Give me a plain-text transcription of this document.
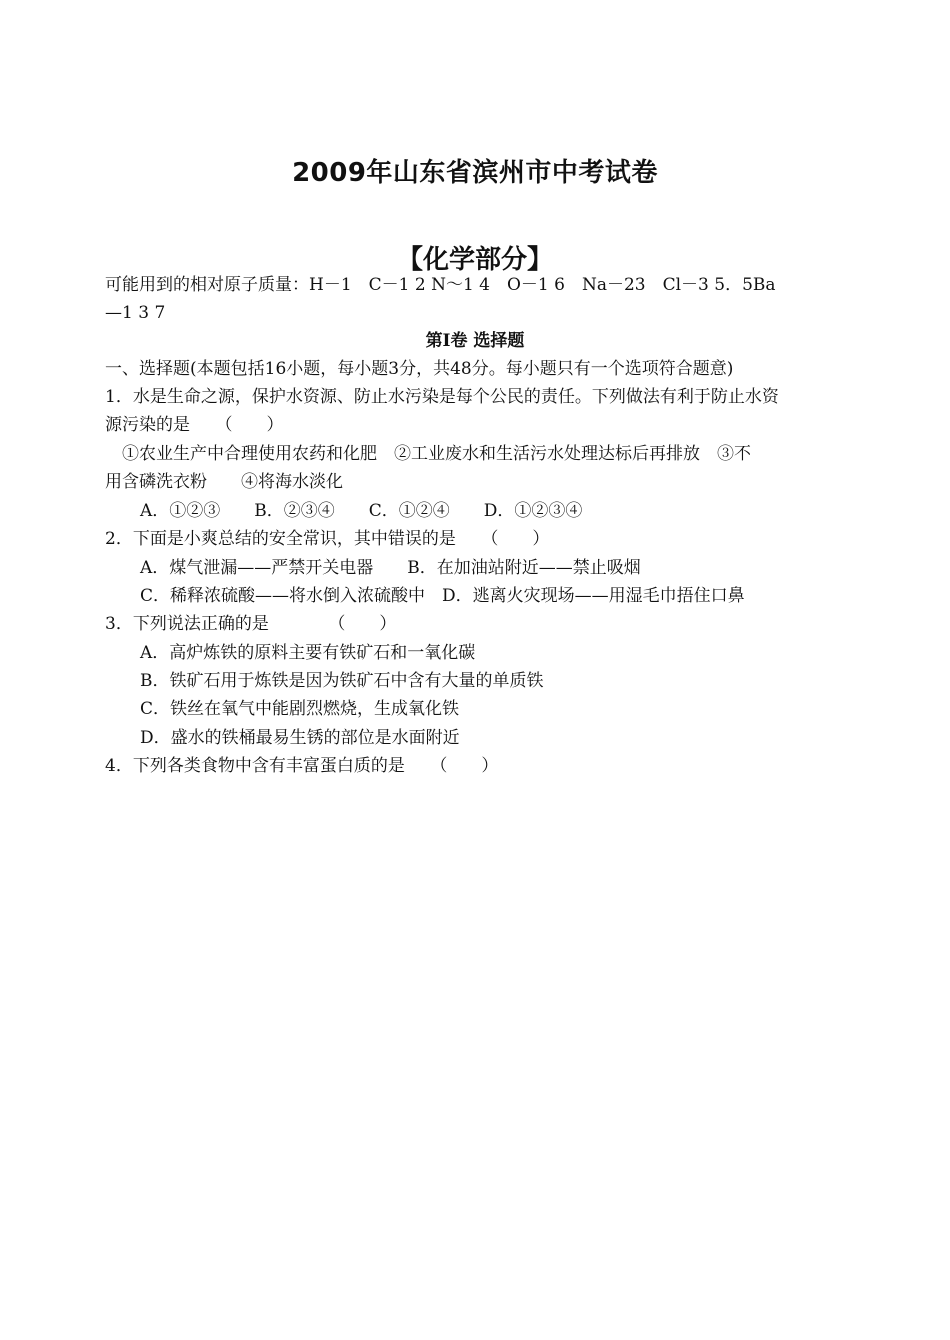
2009年山东省滨州市中考试卷
【化学部分】
可能用到的相对原子质量：H－1　C－1 2 N～1 4　O－1 6　Na－23　Cl－3 5．5Ba
—1 3 7
第Ⅰ卷 选择题
一、选择题(本题包括16小题，每小题3分，共48分。每小题只有一个选项符合题意)
1．水是生命之源，保护水资源、防止水污染是每个公民的责任。下列做法有利于防止水资
源污染的是　　（　　）
①农业生产中合理使用农药和化肥　②工业废水和生活污水处理达标后再排放　③不
用含磷洗衣粉　　④将海水淡化
A．①②③　　B．②③④　　C．①②④　　D．①②③④
2．下面是小爽总结的安全常识，其中错误的是　　（　　）
A．煤气泄漏——严禁开关电器　　B．在加油站附近——禁止吸烟
C．稀释浓硫酸——将水倒入浓硫酸中　D．逃离火灾现场——用湿毛巾捂住口鼻
3．下列说法正确的是　　　　（　　）
A．高炉炼铁的原料主要有铁矿石和一氧化碳
B．铁矿石用于炼铁是因为铁矿石中含有大量的单质铁
C．铁丝在氧气中能剧烈燃烧，生成氧化铁
D．盛水的铁桶最易生锈的部位是水面附近
4．下列各类食物中含有丰富蛋白质的是　　（　　）
